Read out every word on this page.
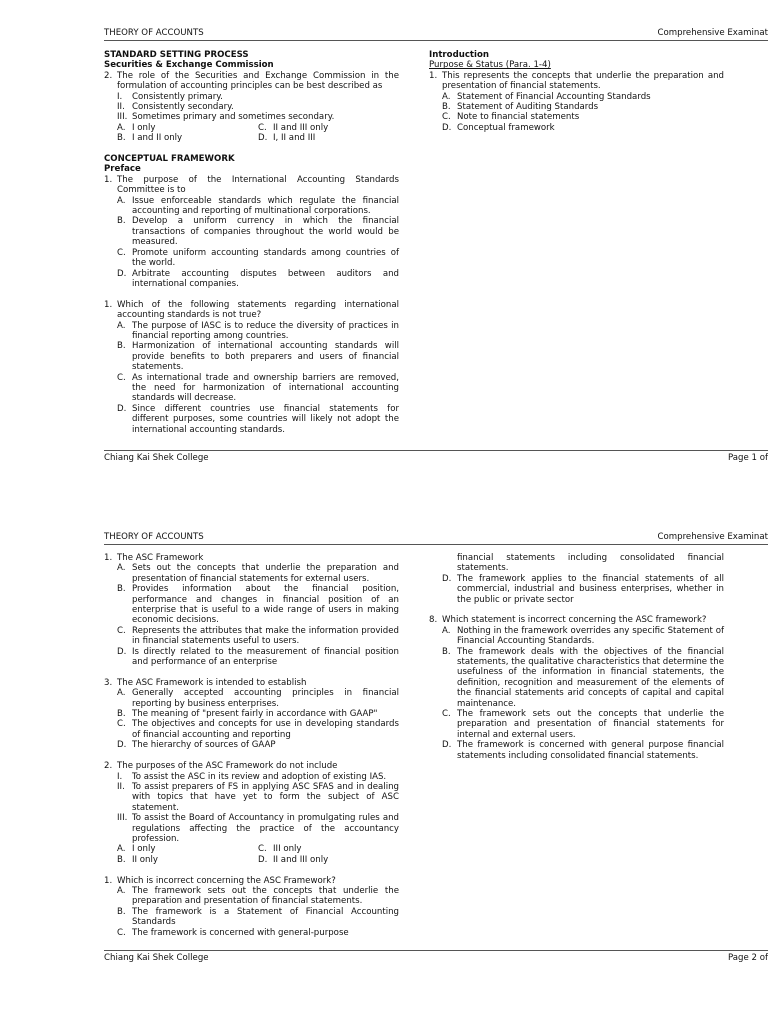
THEORY OF ACCOUNTS	Comprehensive Examinat
STANDARD SETTING PROCESS
Securities & Exchange Commission
2. The role of the Securities and Exchange Commission in the formulation of accounting principles can be best described as
I.	Consistently primary.
II. Consistently secondary.
III. Sometimes primary and sometimes secondary.
A. I only	C. II and III only
B. I and II only	D. I, II and III
CONCEPTUAL FRAMEWORK
Preface
1. The purpose of the International Accounting Standards Committee is to
A. Issue enforceable standards which regulate the financial accounting and reporting of multinational corporations.
B. Develop a uniform currency in which the financial transactions of companies throughout the world would be measured.
C. Promote uniform accounting standards among countries of the world.
D. Arbitrate accounting disputes between auditors and international companies.
1. Which of the following statements regarding international accounting standards is not true?
A. The purpose of IASC is to reduce the diversity of practices in financial reporting among countries.
B. Harmonization of international accounting standards will provide benefits to both preparers and users of financial statements.
C. As international trade and ownership barriers are removed, the need for harmonization of international accounting standards will decrease.
D. Since different countries use financial statements for different purposes, some countries will likely not adopt the international accounting standards.
Introduction
Purpose & Status (Para. 1-4)
1. This represents the concepts that underlie the preparation and presentation of financial statements.
A. Statement of Financial Accounting Standards
B. Statement of Auditing Standards
C. Note to financial statements
D. Conceptual framework
Chiang Kai Shek College	Page 1 of
THEORY OF ACCOUNTS	Comprehensive Examinat
1. The ASC Framework
A. Sets out the concepts that underlie the preparation and presentation of financial statements for external users.
B. Provides information about the financial position, performance and changes in financial position of an enterprise that is useful to a wide range of users in making economic decisions.
C. Represents the attributes that make the information provided in financial statements useful to users.
D. Is directly related to the measurement of financial position and performance of an enterprise
3. The ASC Framework is intended to establish
A. Generally accepted accounting principles in financial reporting by business enterprises.
B. The meaning of "present fairly in accordance with GAAP"
C. The objectives and concepts for use in developing standards of financial accounting and reporting
D. The hierarchy of sources of GAAP
2. The purposes of the ASC Framework do not include
I.	To assist the ASC in its review and adoption of existing IAS.
II. To assist preparers of FS in applying ASC SFAS and in dealing with topics that have yet to form the subject of ASC statement.
III. To assist the Board of Accountancy in promulgating rules and regulations affecting the practice of the accountancy profession.
A. I only	C. III only
B. II only	D. II and III only
1. Which is incorrect concerning the ASC Framework?
A. The framework sets out the concepts that underlie the preparation and presentation of financial statements.
B. The framework is a Statement of Financial Accounting Standards
C. The framework is concerned with general-purpose
financial statements including consolidated financial statements.
D. The framework applies to the financial statements of all commercial, industrial and business enterprises, whether in the public or private sector
8. Which statement is incorrect concerning the ASC framework?
A. Nothing in the framework overrides any specific Statement of Financial Accounting Standards.
B. The framework deals with the objectives of the financial statements, the qualitative characteristics that determine the usefulness of the information in financial statements, the definition, recognition and measurement of the elements of the financial statements arid concepts of capital and capital maintenance.
C. The framework sets out the concepts that underlie the preparation and presentation of financial statements for internal and external users.
D. The framework is concerned with general purpose financial statements including consolidated financial statements.
Chiang Kai Shek College	Page 2 of
